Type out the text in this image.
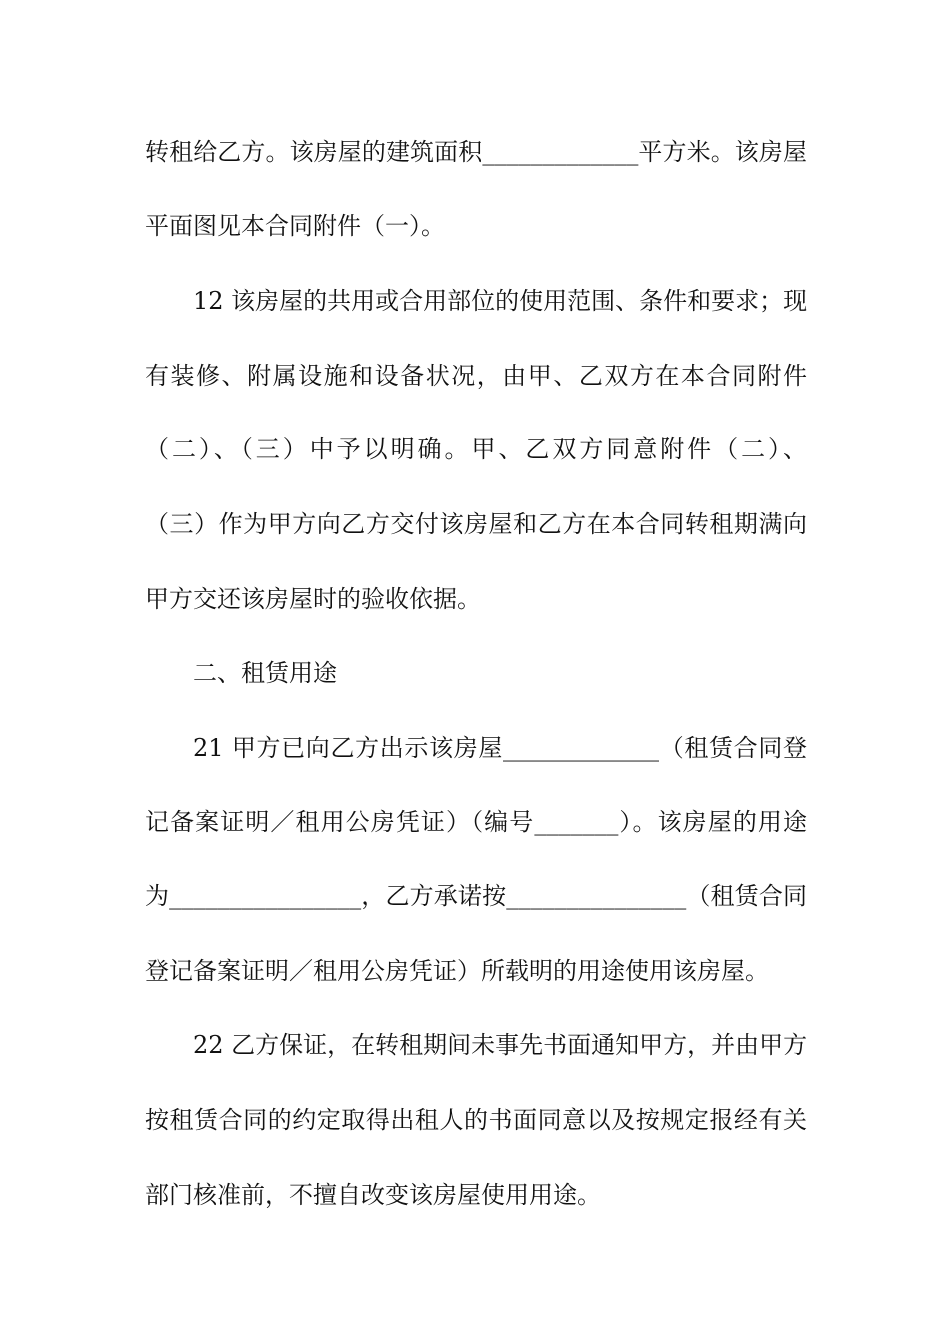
转租给乙方。该房屋的建筑面积_____________平方米。该房屋
平面图见本合同附件（一）。
12 该房屋的共用或合用部位的使用范围、条件和要求；现
有装修、附属设施和设备状况，由甲、乙双方在本合同附件
（二）、（三）中予以明确。甲、乙双方同意附件（二）、
（三）作为甲方向乙方交付该房屋和乙方在本合同转租期满向
甲方交还该房屋时的验收依据。
二、租赁用途
21 甲方已向乙方出示该房屋_____________（租赁合同登
记备案证明／租用公房凭证）（编号_______）。该房屋的用途
为________________，乙方承诺按_______________（租赁合同
登记备案证明／租用公房凭证）所载明的用途使用该房屋。
22 乙方保证，在转租期间未事先书面通知甲方，并由甲方
按租赁合同的约定取得出租人的书面同意以及按规定报经有关
部门核准前，不擅自改变该房屋使用用途。
